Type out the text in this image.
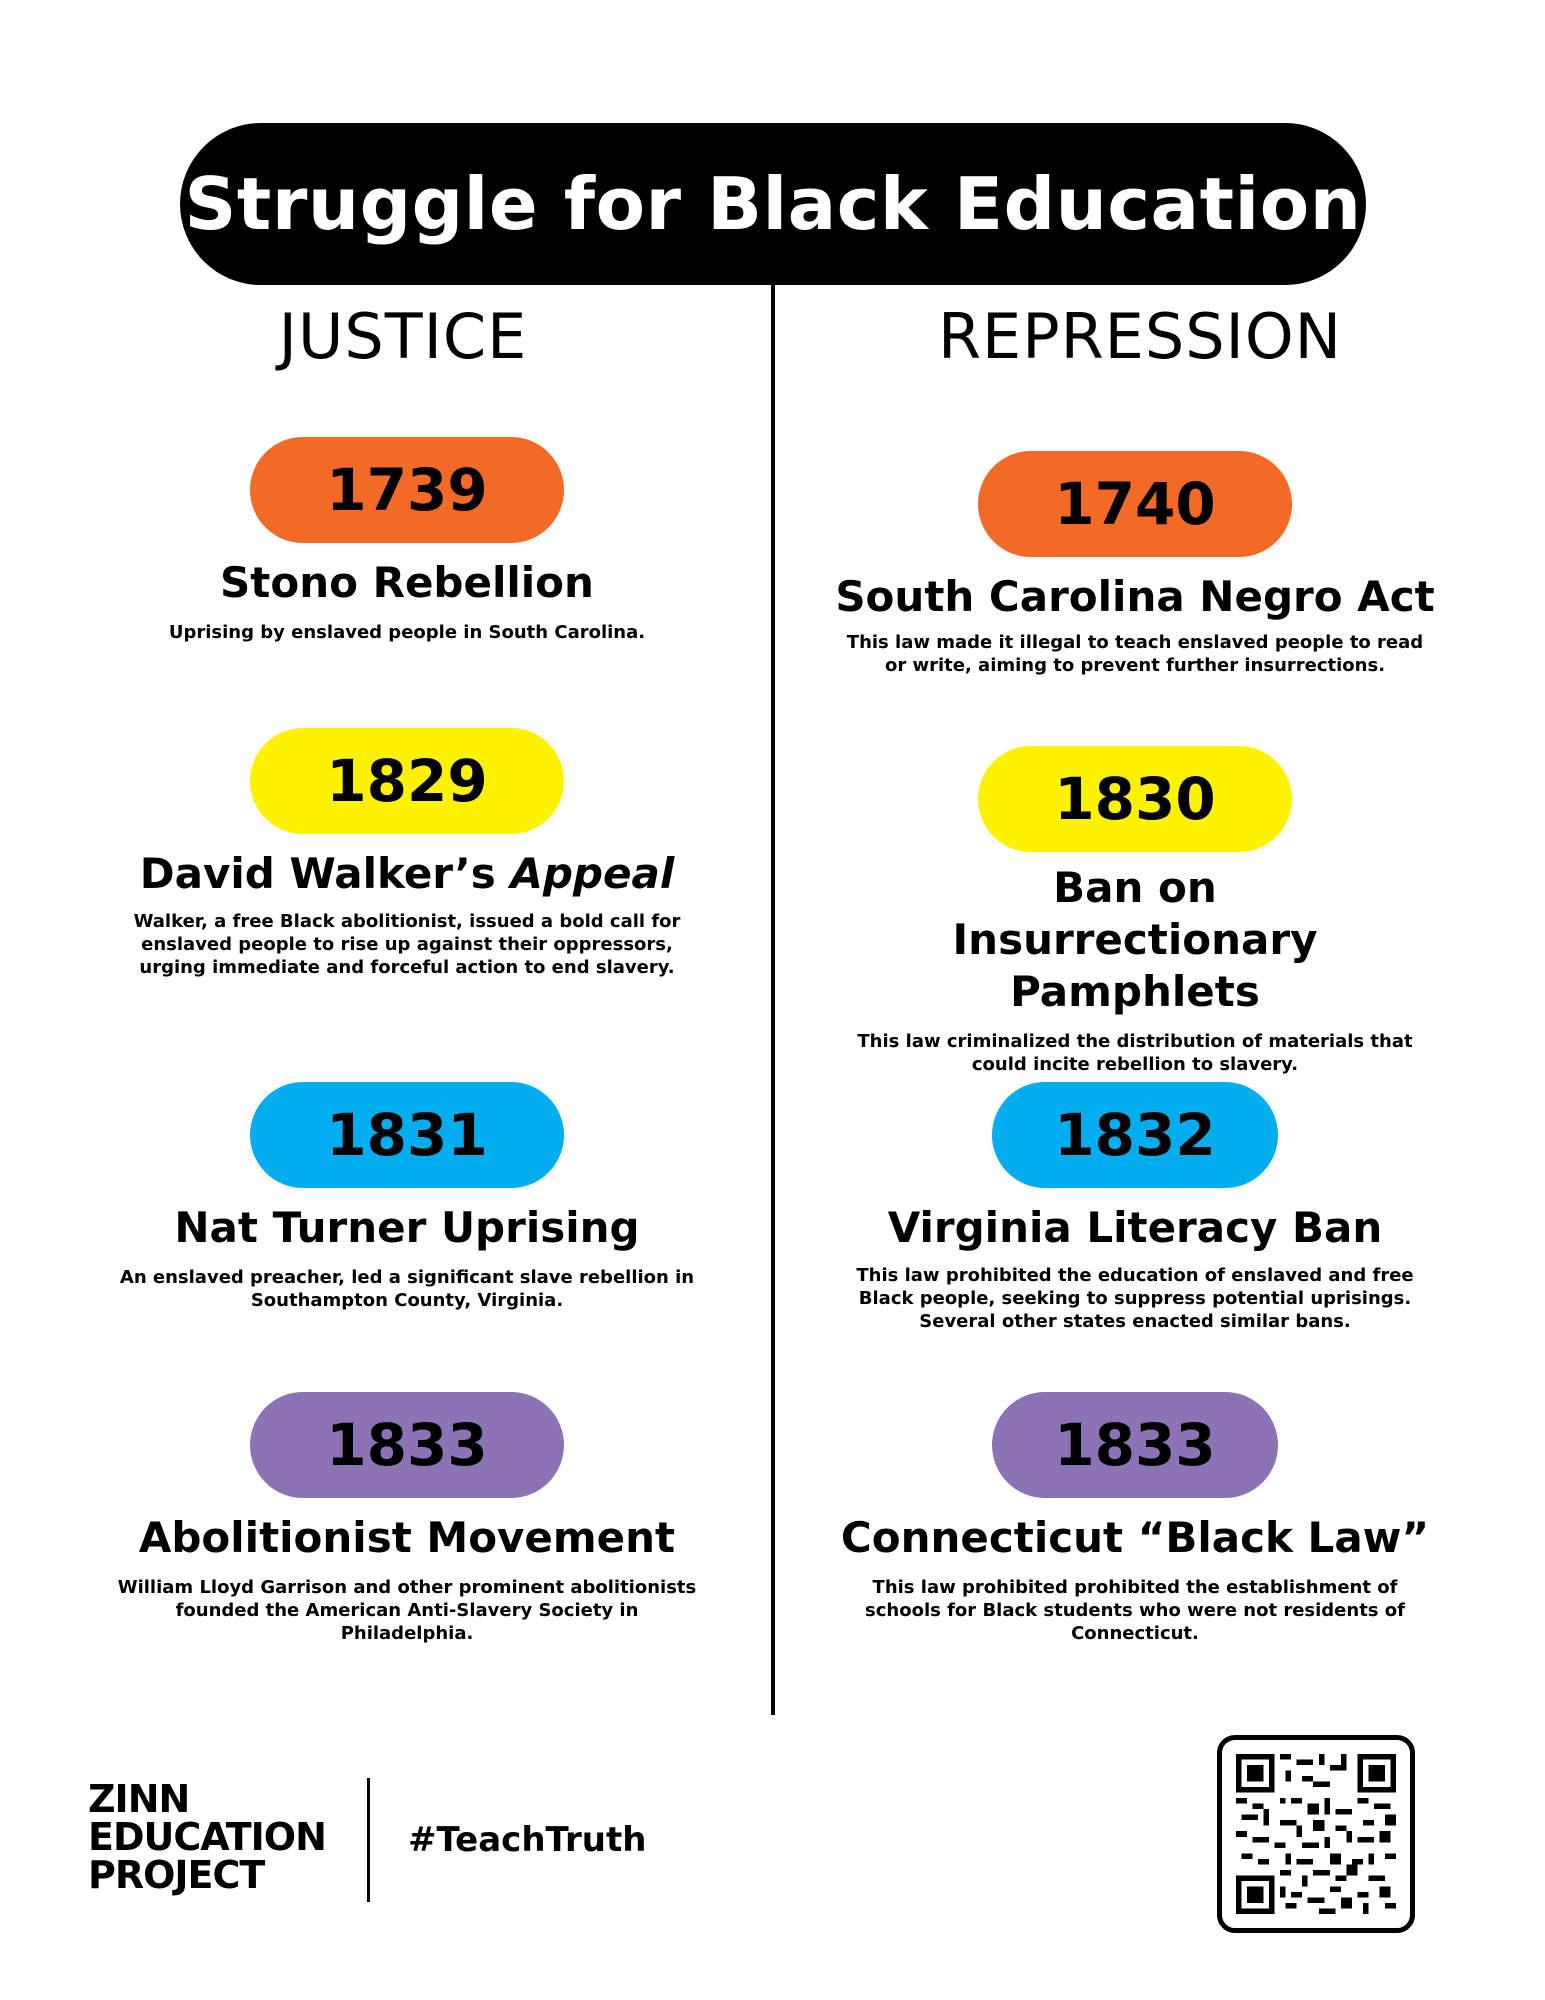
Struggle for Black Education
JUSTICE	REPRESSION
1739
Stono Rebellion
Uprising by enslaved people in South Carolina.
1829
David Walker’s Appeal
Walker, a free Black abolitionist, issued a bold call for enslaved people to rise up against their oppressors, urging immediate and forceful action to end slavery.
1831
Nat Turner Uprising
An enslaved preacher, led a significant slave rebellion in Southampton County, Virginia.
1833
Abolitionist Movement
William Lloyd Garrison and other prominent abolitionists founded the American Anti-Slavery Society in Philadelphia.
1740
South Carolina Negro Act
This law made it illegal to teach enslaved people to read or write, aiming to prevent further insurrections.
1830
Ban on Insurrectionary Pamphlets
This law criminalized the distribution of materials that could incite rebellion to slavery.
1832
Virginia Literacy Ban
This law prohibited the education of enslaved and free Black people, seeking to suppress potential uprisings. Several other states enacted similar bans.
1833
Connecticut “Black Law”
This law prohibited prohibited the establishment of schools for Black students who were not residents of Connecticut.
ZINN
EDUCATION
PROJECT
#TeachTruth
